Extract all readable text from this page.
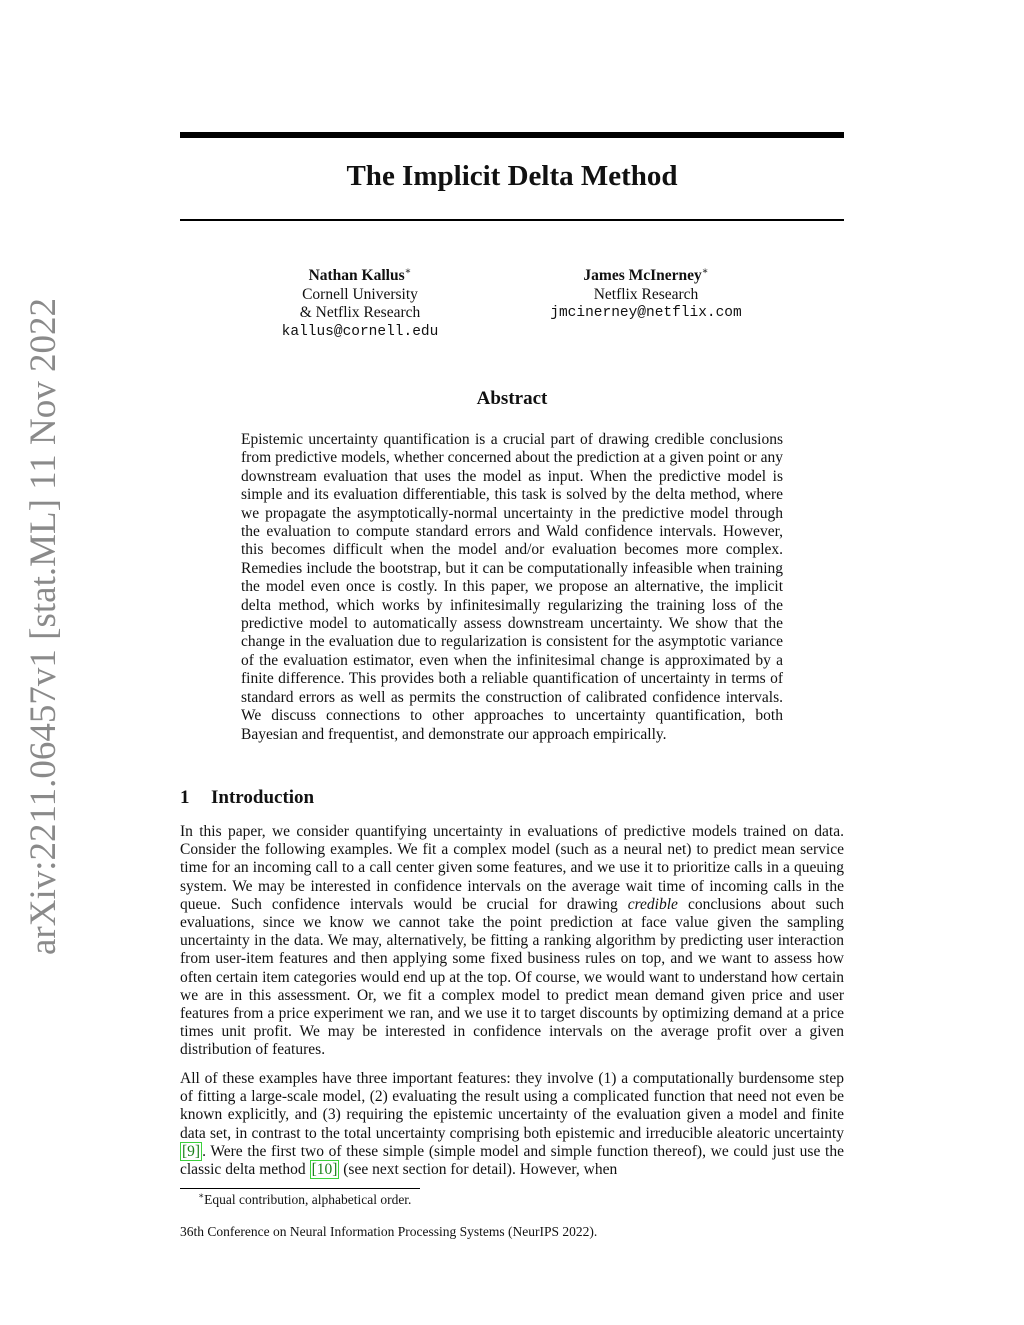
arXiv:2211.06457v1 [stat.ML] 11 Nov 2022
The Implicit Delta Method
Nathan Kallus∗
Cornell University
& Netflix Research
kallus@cornell.edu
James McInerney∗
Netflix Research
jmcinerney@netflix.com
Abstract
Epistemic uncertainty quantification is a crucial part of drawing credible conclusions from predictive models, whether concerned about the prediction at a given point or any downstream evaluation that uses the model as input. When the predictive model is simple and its evaluation differentiable, this task is solved by the delta method, where we propagate the asymptotically-normal uncertainty in the predictive model through the evaluation to compute standard errors and Wald confidence intervals. However, this becomes difficult when the model and/or evaluation becomes more complex. Remedies include the bootstrap, but it can be computationally infeasible when training the model even once is costly. In this paper, we propose an alternative, the implicit delta method, which works by infinitesimally regularizing the training loss of the predictive model to automatically assess downstream uncertainty. We show that the change in the evaluation due to regularization is consistent for the asymptotic variance of the evaluation estimator, even when the infinitesimal change is approximated by a finite difference. This provides both a reliable quantification of uncertainty in terms of standard errors as well as permits the construction of calibrated confidence intervals. We discuss connections to other approaches to uncertainty quantification, both Bayesian and frequentist, and demonstrate our approach empirically.
1 Introduction

In this paper, we consider quantifying uncertainty in evaluations of predictive models trained on data. Consider the following examples. We fit a complex model (such as a neural net) to predict mean service time for an incoming call to a call center given some features, and we use it to prioritize calls in a queuing system. We may be interested in confidence intervals on the average wait time of incoming calls in the queue. Such confidence intervals would be crucial for drawing credible conclusions about such evaluations, since we know we cannot take the point prediction at face value given the sampling uncertainty in the data. We may, alternatively, be fitting a ranking algorithm by predicting user interaction from user-item features and then applying some fixed business rules on top, and we want to assess how often certain item categories would end up at the top. Of course, we would want to understand how certain we are in this assessment. Or, we fit a complex model to predict mean demand given price and user features from a price experiment we ran, and we use it to target discounts by optimizing demand at a price times unit profit. We may be interested in confidence intervals on the average profit over a given distribution of features.

All of these examples have three important features: they involve (1) a computationally burdensome step of fitting a large-scale model, (2) evaluating the result using a complicated function that need not even be known explicitly, and (3) requiring the epistemic uncertainty of the evaluation given a model and finite data set, in contrast to the total uncertainty comprising both epistemic and irreducible aleatoric uncertainty [9] . Were the first two of these simple (simple model and simple function thereof), we could just use the classic delta method [10] (see next section for detail). However, when

∗Equal contribution, alphabetical order.
36th Conference on Neural Information Processing Systems (NeurIPS 2022).
